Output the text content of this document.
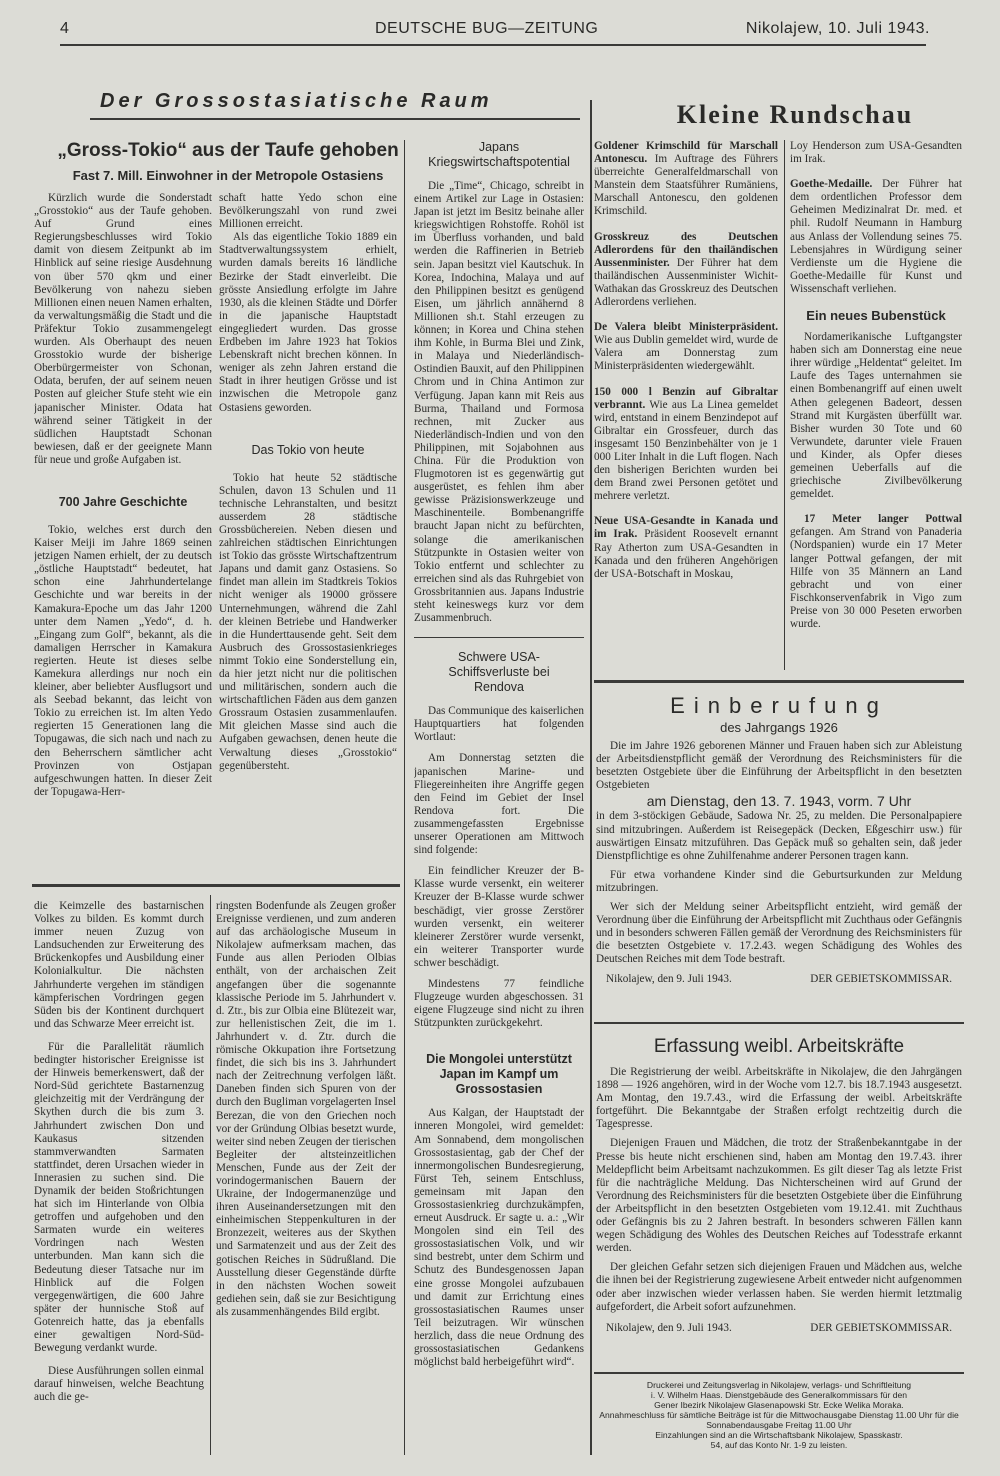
4	DEUTSCHE BUG—ZEITUNG	Nikolajew, 10. Juli 1943.
Der Grossostasiatische Raum
„Gross-Tokio“ aus der Taufe gehoben
Fast 7. Mill. Einwohner in der Metropole Ostasiens

Kürzlich wurde die Sonderstadt „Grosstokio“ aus der Taufe gehoben. Auf Grund eines Regierungsbeschlusses wird Tokio damit von diesem Zeitpunkt ab im Hinblick auf seine riesige Ausdehnung von über 570 qkm und einer Bevölkerung von nahezu sieben Millionen einen neuen Namen erhalten, da verwaltungsmäßig die Stadt und die Präfektur Tokio zusammengelegt wurden. Als Oberhaupt des neuen Grosstokio wurde der bisherige Oberbürgermeister von Schonan, Odata, berufen, der auf seinem neuen Posten auf gleicher Stufe steht wie ein japanischer Minister. Odata hat während seiner Tätigkeit in der südlichen Hauptstadt Schonan bewiesen, daß er der geeignete Mann für neue und große Aufgaben ist.

700 Jahre Geschichte

Tokio, welches erst durch den Kaiser Meiji im Jahre 1869 seinen jetzigen Namen erhielt, der zu deutsch „östliche Hauptstadt“ bedeutet, hat schon eine Jahrhundertelange Geschichte und war bereits in der Kamakura-Epoche um das Jahr 1200 unter dem Namen „Yedo“, d. h. „Eingang zum Golf“, bekannt, als die damaligen Herrscher in Kamakura regierten. Heute ist dieses selbe Kamekura allerdings nur noch ein kleiner, aber beliebter Ausflugsort und als Seebad bekannt, das leicht von Tokio zu erreichen ist. Im alten Yedo regierten 15 Generationen lang die Topugawas, die sich nach und nach zu den Beherrschern sämtlicher acht Provinzen von Ostjapan aufgeschwungen hatten. In dieser Zeit der Topugawa-Herr-

schaft hatte Yedo schon eine Bevölkerungszahl von rund zwei Millionen erreicht.

Als das eigentliche Tokio 1889 ein Stadtverwaltungssystem erhielt, wurden damals bereits 16 ländliche Bezirke der Stadt einverleibt. Die grösste Ansiedlung erfolgte im Jahre 1930, als die kleinen Städte und Dörfer in die japanische Hauptstadt eingegliedert wurden. Das grosse Erdbeben im Jahre 1923 hat Tokios Lebenskraft nicht brechen können. In weniger als zehn Jahren erstand die Stadt in ihrer heutigen Grösse und ist inzwischen die Metropole ganz Ostasiens geworden.

Das Tokio von heute

Tokio hat heute 52 städtische Schulen, davon 13 Schulen und 11 technische Lehranstalten, und besitzt ausserdem 28 städtische Grossbüchereien. Neben diesen und zahlreichen städtischen Einrichtungen ist Tokio das grösste Wirtschaftzentrum Japans und damit ganz Ostasiens. So findet man allein im Stadtkreis Tokios nicht weniger als 19000 grössere Unternehmungen, während die Zahl der kleinen Betriebe und Handwerker in die Hunderttausende geht. Seit dem Ausbruch des Grossostasienkrieges nimmt Tokio eine Sonderstellung ein, da hier jetzt nicht nur die politischen und militärischen, sondern auch die wirtschaftlichen Fäden aus dem ganzen Grossraum Ostasien zusammenlaufen. Mit gleichen Masse sind auch die Aufgaben gewachsen, denen heute die Verwaltung dieses „Grosstokio“ gegenübersteht.

die Keimzelle des bastarnischen Volkes zu bilden. Es kommt durch immer neuen Zuzug von Landsuchenden zur Erweiterung des Brückenkopfes und Ausbildung einer Kolonialkultur. Die nächsten Jahrhunderte vergehen im ständigen kämpferischen Vordringen gegen Süden bis der Kontinent durchquert und das Schwarze Meer erreicht ist.

Für die Parallelität räumlich bedingter historischer Ereignisse ist der Hinweis bemerkenswert, daß der Nord-Süd gerichtete Bastarnenzug gleichzeitig mit der Verdrängung der Skythen durch die bis zum 3. Jahrhundert zwischen Don und Kaukasus sitzenden stammverwandten Sarmaten stattfindet, deren Ursachen wieder in Innerasien zu suchen sind. Die Dynamik der beiden Stoßrichtungen hat sich im Hinterlande von Olbia getroffen und aufgehoben und den Sarmaten wurde ein weiteres Vordringen nach Westen unterbunden. Man kann sich die Bedeutung dieser Tatsache nur im Hinblick auf die Folgen vergegenwärtigen, die 600 Jahre später der hunnische Stoß auf Gotenreich hatte, das ja ebenfalls einer gewaltigen Nord-Süd-Bewegung verdankt wurde.

Diese Ausführungen sollen einmal darauf hinweisen, welche Beachtung auch die ge-

ringsten Bodenfunde als Zeugen großer Ereignisse verdienen, und zum anderen auf das archäologische Museum in Nikolajew aufmerksam machen, das Funde aus allen Perioden Olbias enthält, von der archaischen Zeit angefangen über die sogenannte klassische Periode im 5. Jahrhundert v. d. Ztr., bis zur Olbia eine Blütezeit war, zur hellenistischen Zeit, die im 1. Jahrhundert v. d. Ztr. durch die römische Okkupation ihre Fortsetzung findet, die sich bis ins 3. Jahrhundert nach der Zeitrechnung verfolgen läßt. Daneben finden sich Spuren von der durch den Bugliman vorgelagerten Insel Berezan, die von den Griechen noch vor der Gründung Olbias besetzt wurde, weiter sind neben Zeugen der tierischen Begleiter der altsteinzeitlichen Menschen, Funde aus der Zeit der vorindogermanischen Bauern der Ukraine, der Indogermanenzüge und ihren Auseinandersetzungen mit den einheimischen Steppenkulturen in der Bronzezeit, weiteres aus der Skythen und Sarmatenzeit und aus der Zeit des gotischen Reiches in Südrußland. Die Ausstellung dieser Gegenstände dürfte in den nächsten Wochen soweit gediehen sein, daß sie zur Besichtigung als zusammenhängendes Bild ergibt.

Japans Kriegswirtschaftspotential

Die „Time“, Chicago, schreibt in einem Artikel zur Lage in Ostasien: Japan ist jetzt im Besitz beinahe aller kriegswichtigen Rohstoffe. Rohöl ist im Überfluss vorhanden, und bald werden die Raffinerien in Betrieb sein. Japan besitzt viel Kautschuk. In Korea, Indochina, Malaya und auf den Philippinen besitzt es genügend Eisen, um jährlich annähernd 8 Millionen sh.t. Stahl erzeugen zu können; in Korea und China stehen ihm Kohle, in Burma Blei und Zink, in Malaya und Niederländisch-Ostindien Bauxit, auf den Philippinen Chrom und in China Antimon zur Verfügung. Japan kann mit Reis aus Burma, Thailand und Formosa rechnen, mit Zucker aus Niederländisch-Indien und von den Philippinen, mit Sojabohnen aus China. Für die Produktion von Flugmotoren ist es gegenwärtig gut ausgerüstet, es fehlen ihm aber gewisse Präzisionswerkzeuge und Maschinenteile. Bombenangriffe braucht Japan nicht zu befürchten, solange die amerikanischen Stützpunkte in Ostasien weiter von Tokio entfernt und schlechter zu erreichen sind als das Ruhrgebiet von Grossbritannien aus. Japans Industrie steht keineswegs kurz vor dem Zusammenbruch.

Schwere USA-Schiffsverluste bei Rendova

Das Communique des kaiserlichen Hauptquartiers hat folgenden Wortlaut:

Am Donnerstag setzten die japanischen Marine- und Fliegereinheiten ihre Angriffe gegen den Feind im Gebiet der Insel Rendova fort. Die zusammengefassten Ergebnisse unserer Operationen am Mittwoch sind folgende:

Ein feindlicher Kreuzer der B-Klasse wurde versenkt, ein weiterer Kreuzer der B-Klasse wurde schwer beschädigt, vier grosse Zerstörer wurden versenkt, ein weiterer kleinerer Zerstörer wurde versenkt, ein weiterer Transporter wurde schwer beschädigt.

Mindestens 77 feindliche Flugzeuge wurden abgeschossen. 31 eigene Flugzeuge sind nicht zu ihren Stützpunkten zurückgekehrt.

Die Mongolei unterstützt Japan im Kampf um Grossostasien

Aus Kalgan, der Hauptstadt der inneren Mongolei, wird gemeldet: Am Sonnabend, dem mongolischen Grossostasientag, gab der Chef der innermongolischen Bundesregierung, Fürst Teh, seinem Entschluss, gemeinsam mit Japan den Grossostasienkrieg durchzukämpfen, erneut Ausdruck. Er sagte u. a.: „Wir Mongolen sind ein Teil des grossostasiatischen Volk, und wir sind bestrebt, unter dem Schirm und Schutz des Bundesgenossen Japan eine grosse Mongolei aufzubauen und damit zur Errichtung eines grossostasiatischen Raumes unser Teil beizutragen. Wir wünschen herzlich, dass die neue Ordnung des grossostasiatischen Gedankens möglichst bald herbeigeführt wird“.

Kleine Rundschau

Goldener Krimschild für Marschall Antonescu. Im Auftrage des Führers überreichte Generalfeldmarschall von Manstein dem Staatsführer Rumäniens, Marschall Antonescu, den goldenen Krimschild.

Grosskreuz des Deutschen Adlerordens für den thailändischen Aussenminister. Der Führer hat dem thailändischen Aussenminister Wichit-Wathakan das Grosskreuz des Deutschen Adlerordens verliehen.

De Valera bleibt Ministerpräsident. Wie aus Dublin gemeldet wird, wurde de Valera am Donnerstag zum Ministerpräsidenten wiedergewählt.

150 000 l Benzin auf Gibraltar verbrannt. Wie aus La Linea gemeldet wird, entstand in einem Benzindepot auf Gibraltar ein Grossfeuer, durch das insgesamt 150 Benzinbehälter von je 1 000 Liter Inhalt in die Luft flogen. Nach den bisherigen Berichten wurden bei dem Brand zwei Personen getötet und mehrere verletzt.

Neue USA-Gesandte in Kanada und im Irak. Präsident Roosevelt ernannt Ray Atherton zum USA-Gesandten in Kanada und den früheren Angehörigen der USA-Botschaft in Moskau,

Loy Henderson zum USA-Gesandten im Irak.

Goethe-Medaille. Der Führer hat dem ordentlichen Professor dem Geheimen Medizinalrat Dr. med. et phil. Rudolf Neumann in Hamburg aus Anlass der Vollendung seines 75. Lebensjahres in Würdigung seiner Verdienste um die Hygiene die Goethe-Medaille für Kunst und Wissenschaft verliehen.

Ein neues Bubenstück

Nordamerikanische Luftgangster haben sich am Donnerstag eine neue ihrer würdige „Heldentat“ geleitet. Im Laufe des Tages unternahmen sie einen Bombenangriff auf einen uwelt Athen gelegenen Badeort, dessen Strand mit Kurgästen überfüllt war. Bisher wurden 30 Tote und 60 Verwundete, darunter viele Frauen und Kinder, als Opfer dieses gemeinen Ueberfalls auf die griechische Zivilbevölkerung gemeldet.

17 Meter langer Pottwal gefangen. Am Strand von Panaderia (Nordspanien) wurde ein 17 Meter langer Pottwal gefangen, der mit Hilfe von 35 Männern an Land gebracht und von einer Fischkonservenfabrik in Vigo zum Preise von 30 000 Peseten erworben wurde.

Einberufung
des Jahrgangs 1926

Die im Jahre 1926 geborenen Männer und Frauen haben sich zur Ableistung der Arbeitsdienstpflicht gemäß der Verordnung des Reichsministers für die besetzten Ostgebiete über die Einführung der Arbeitspflicht in den besetzten Ostgebieten

am Dienstag, den 13. 7. 1943, vorm. 7 Uhr

in dem 3-stöckigen Gebäude, Sadowa Nr. 25, zu melden. Die Personalpapiere sind mitzubringen. Außerdem ist Reisegepäck (Decken, Eßgeschirr usw.) für auswärtigen Einsatz mitzuführen. Das Gepäck muß so gehalten sein, daß jeder Dienstpflichtige es ohne Zuhilfenahme anderer Personen tragen kann.

Für etwa vorhandene Kinder sind die Geburtsurkunden zur Meldung mitzubringen.

Wer sich der Meldung seiner Arbeitspflicht entzieht, wird gemäß der Verordnung über die Einführung der Arbeitspflicht mit Zuchthaus oder Gefängnis und in besonders schweren Fällen gemäß der Verordnung des Reichsministers für die besetzten Ostgebiete v. 17.2.43. wegen Schädigung des Wohles des Deutschen Reiches mit dem Tode bestraft.

Nikolajew, den 9. Juli 1943.	DER GEBIETSKOMMISSAR.
Erfassung weibl. Arbeitskräfte

Die Registrierung der weibl. Arbeitskräfte in Nikolajew, die den Jahrgängen 1898 — 1926 angehören, wird in der Woche vom 12.7. bis 18.7.1943 ausgesetzt. Am Montag, den 19.7.43., wird die Erfassung der weibl. Arbeitskräfte fortgeführt. Die Bekanntgabe der Straßen erfolgt rechtzeitig durch die Tagespresse.

Diejenigen Frauen und Mädchen, die trotz der Straßenbekanntgabe in der Presse bis heute nicht erschienen sind, haben am Montag den 19.7.43. ihrer Meldepflicht beim Arbeitsamt nachzukommen. Es gilt dieser Tag als letzte Frist für die nachträgliche Meldung. Das Nichterscheinen wird auf Grund der Verordnung des Reichsministers für die besetzten Ostgebiete über die Einführung der Arbeitspflicht in den besetzten Ostgebieten vom 19.12.41. mit Zuchthaus oder Gefängnis bis zu 2 Jahren bestraft. In besonders schweren Fällen kann wegen Schädigung des Wohles des Deutschen Reiches auf Todesstrafe erkannt werden.

Der gleichen Gefahr setzen sich diejenigen Frauen und Mädchen aus, welche die ihnen bei der Registrierung zugewiesene Arbeit entweder nicht aufgenommen oder aber inzwischen wieder verlassen haben. Sie werden hiermit letztmalig aufgefordert, die Arbeit sofort aufzunehmen.

Nikolajew, den 9. Juli 1943.	DER GEBIETSKOMMISSAR.
Druckerei und Zeitungsverlag in Nikolajew, verlags- und Schriftleitung
i. V. Wilhelm Haas. Dienstgebäude des Generalkommissars für den
Gener Ibezirk Nikolajew Glasenapowski Str. Ecke Welika Moraka.
Annahmeschluss für sämtliche Beiträge ist für die Mittwochausgabe Dienstag 11.00 Uhr für die Sonnabendausgabe Freitag 11.00 Uhr
Einzahlungen sind an die Wirtschaftsbank Nikolajew, Spasskastr.
54, auf das Konto Nr. 1-9 zu leisten.
